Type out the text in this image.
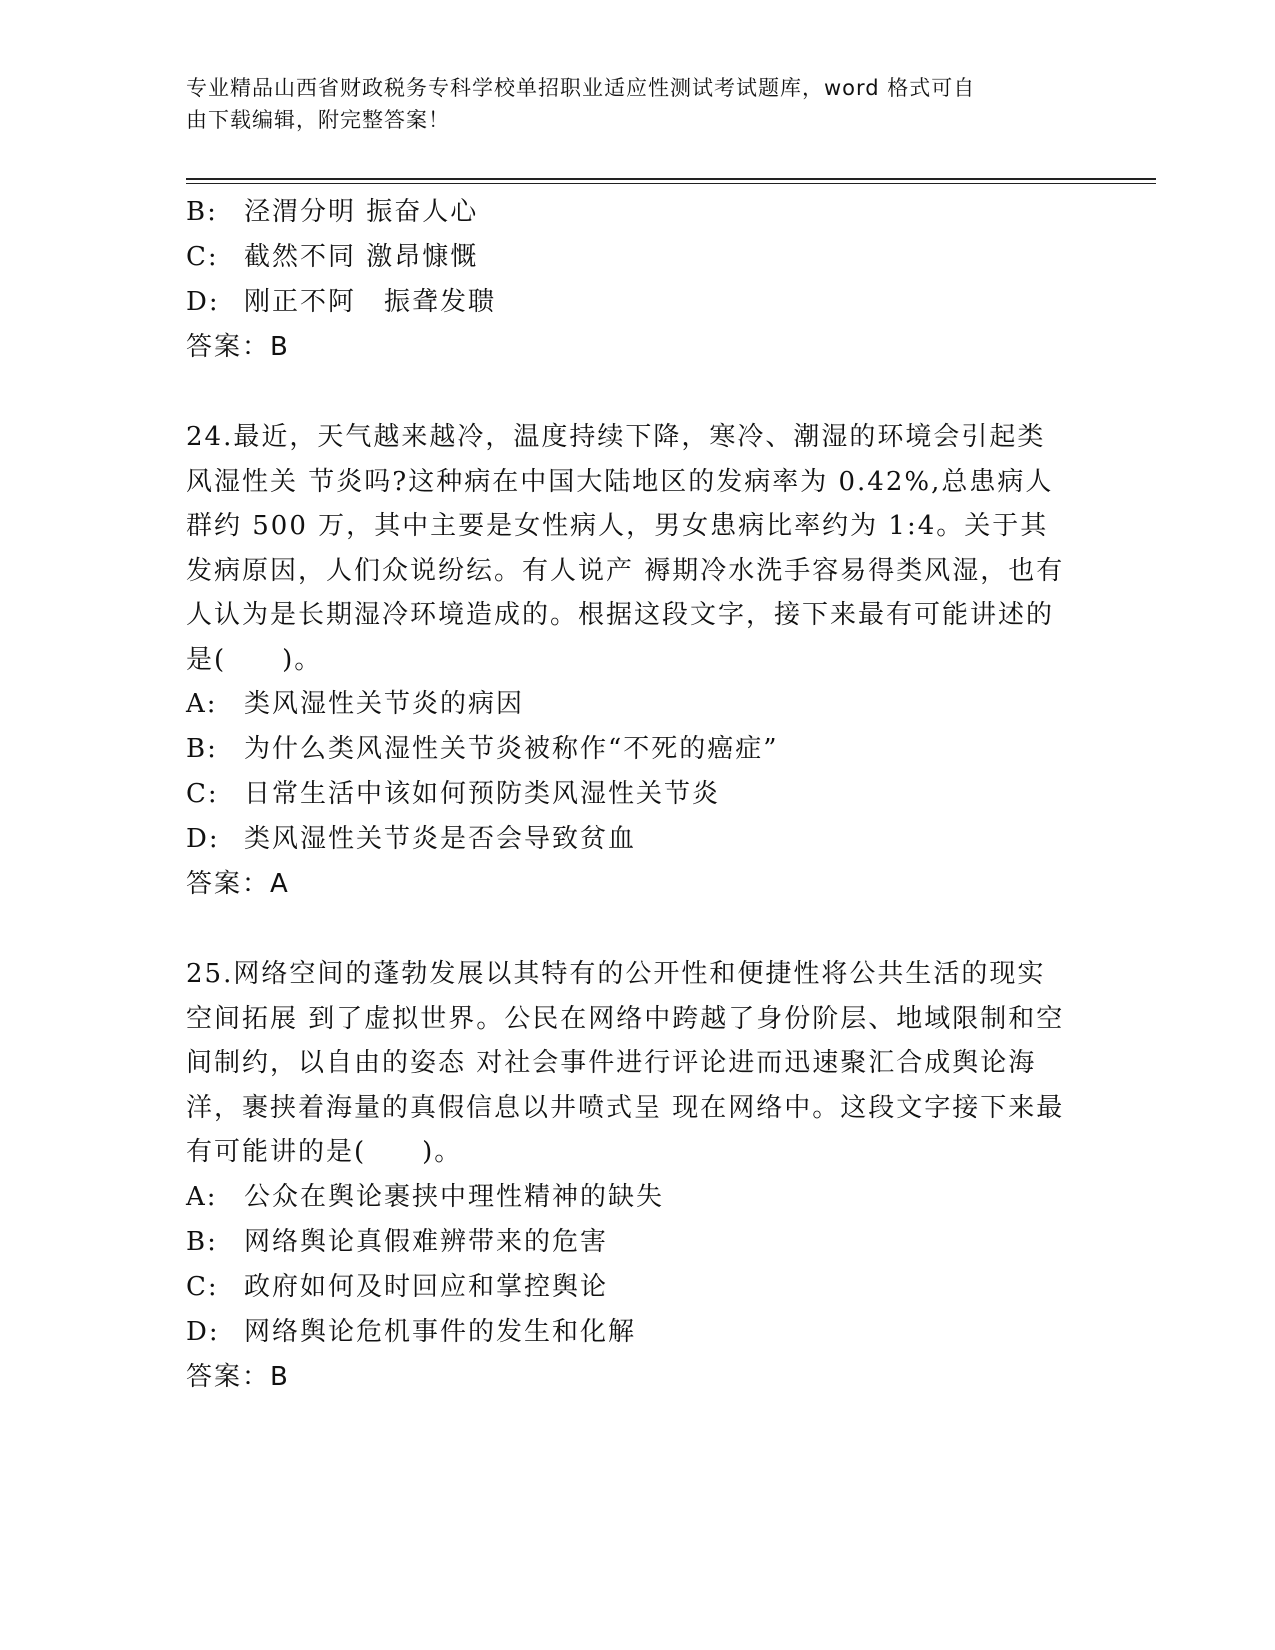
专业精品山西省财政税务专科学校单招职业适应性测试考试题库，word 格式可自
由下载编辑，附完整答案！
B: 泾渭分明 振奋人心
C: 截然不同 激昂慷慨
D: 刚正不阿　振聋发聩
答案：B
24.最近，天气越来越冷，温度持续下降，寒冷、潮湿的环境会引起类风湿性关 节炎吗?这种病在中国大陆地区的发病率为 0.42%,总患病人群约 500 万，其中主要是女性病人，男女患病比率约为 1:4。关于其发病原因，人们众说纷纭。有人说产 褥期冷水洗手容易得类风湿，也有人认为是长期湿冷环境造成的。根据这段文字，接下来最有可能讲述的是(　　)。
A: 类风湿性关节炎的病因
B: 为什么类风湿性关节炎被称作“不死的癌症”
C: 日常生活中该如何预防类风湿性关节炎
D: 类风湿性关节炎是否会导致贫血
答案：A
25.网络空间的蓬勃发展以其特有的公开性和便捷性将公共生活的现实空间拓展 到了虚拟世界。公民在网络中跨越了身份阶层、地域限制和空间制约，以自由的姿态 对社会事件进行评论进而迅速聚汇合成舆论海洋，裹挟着海量的真假信息以井喷式呈 现在网络中。这段文字接下来最有可能讲的是(　　)。
A: 公众在舆论裹挟中理性精神的缺失
B: 网络舆论真假难辨带来的危害
C: 政府如何及时回应和掌控舆论
D: 网络舆论危机事件的发生和化解
答案：B
